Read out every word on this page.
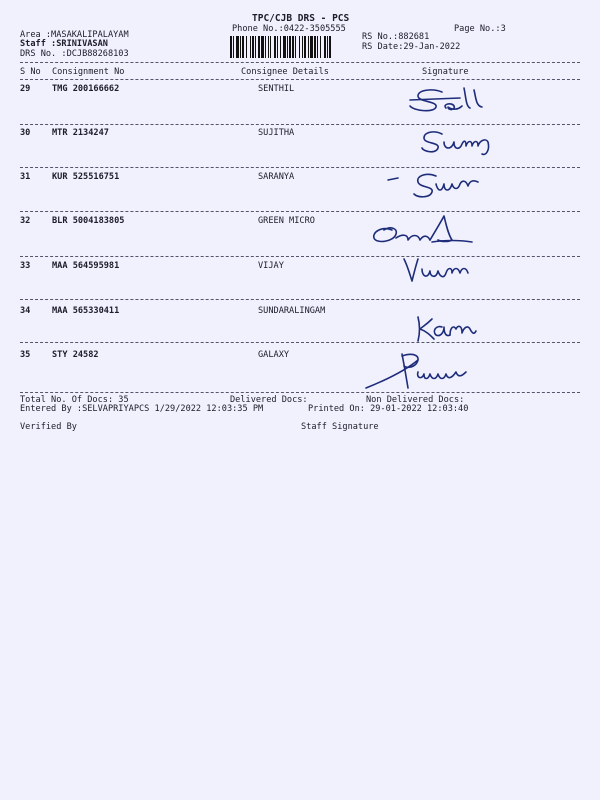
TPC/CJB DRS - PCS
Phone No.:0422-3505555	Page No.:3
Area :MASAKALIPALAYAM
Staff :SRINIVASAN
DRS No. :DCJB88268103
RS No.:882681
RS Date:29-Jan-2022
S No Consignment No	Consignee Details	Signature
29	TMG 200166662	SENTHIL
30	MTR 2134247	SUJITHA
31	KUR 525516751	SARANYA
32	BLR 5004183805	GREEN MICRO
33	MAA 564595981	VIJAY
34	MAA 565330411	SUNDARALINGAM
35	STY 24582	GALAXY
Total No. Of Docs: 35	Delivered Docs:	Non Delivered Docs:
Entered By :SELVAPRIYAPCS 1/29/2022 12:03:35 PM	Printed On: 29-01-2022 12:03:40
Verified By	Staff Signature
